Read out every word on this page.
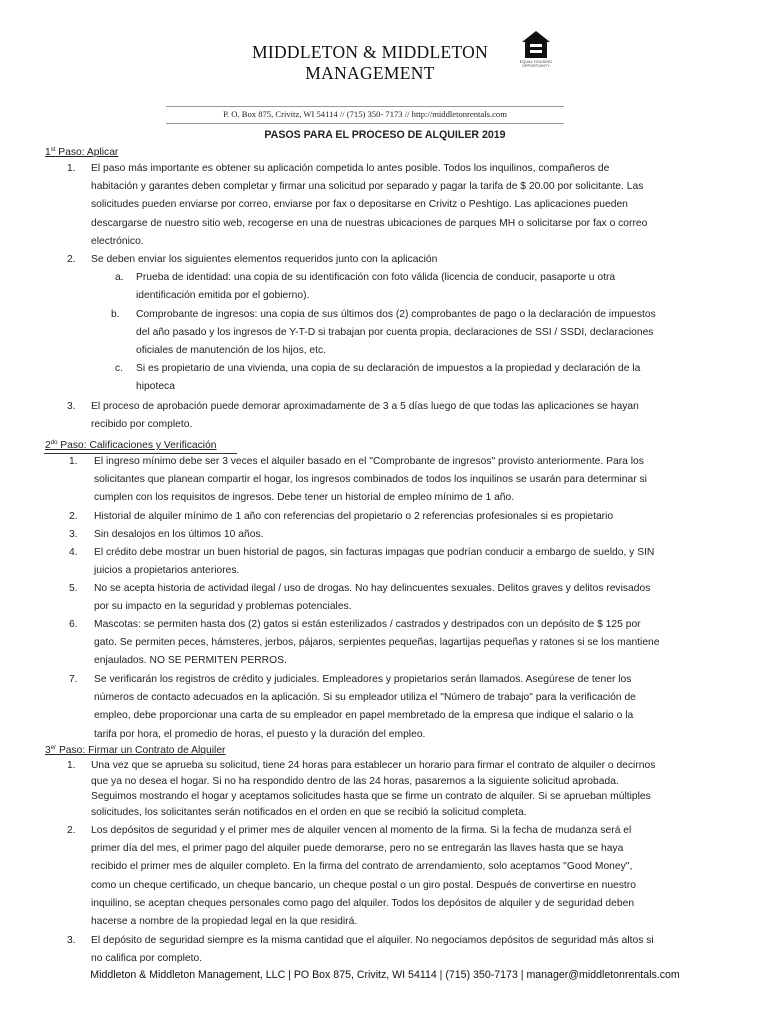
MIDDLETON & MIDDLETON
MANAGEMENT
EQUAL HOUSING
OPPORTUNITY
P. O. Box 875, Crivitz, WI 54114 // (715) 350- 7173 // http://middletonrentals.com
PASOS PARA EL PROCESO DE ALQUILER 2019
1st Paso: Aplicar
1. El paso más importante es obtener su aplicación competida lo antes posible. Todos los inquilinos, compañeros de
habitación y garantes deben completar y firmar una solicitud por separado y pagar la tarifa de $ 20.00 por solicitante. Las
solicitudes pueden enviarse por correo, enviarse por fax o depositarse en Crivitz o Peshtigo. Las aplicaciones pueden
descargarse de nuestro sitio web, recogerse en una de nuestras ubicaciones de parques MH o solicitarse por fax o correo
electrónico.
2. Se deben enviar los siguientes elementos requeridos junto con la aplicación
a. Prueba de identidad: una copia de su identificación con foto válida (licencia de conducir, pasaporte u otra
identificación emitida por el gobierno).
b. Comprobante de ingresos: una copia de sus últimos dos (2) comprobantes de pago o la declaración de impuestos
del año pasado y los ingresos de Y-T-D si trabajan por cuenta propia, declaraciones de SSI / SSDI, declaraciones
oficiales de manutención de los hijos, etc.
c. Si es propietario de una vivienda, una copia de su declaración de impuestos a la propiedad y declaración de la
hipoteca
3. El proceso de aprobación puede demorar aproximadamente de 3 a 5 días luego de que todas las aplicaciones se hayan
recibido por completo.
$2^{do}$ Paso: Calificaciones y Verificación
1. El ingreso mínimo debe ser 3 veces el alquiler basado en el "Comprobante de ingresos" provisto anteriormente. Para los
solicitantes que planean compartir el hogar, los ingresos combinados de todos los inquilinos se usarán para determinar si
cumplen con los requisitos de ingresos. Debe tener un historial de empleo mínimo de 1 año.
2. Historial de alquiler mínimo de 1 año con referencias del propietario o 2 referencias profesionales si es propietario
3. Sin desalojos en los últimos 10 años.
4. El crédito debe mostrar un buen historial de pagos, sin facturas impagas que podrían conducir a embargo de sueldo, y SIN
juicios a propietarios anteriores.
5. No se acepta historia de actividad ilegal / uso de drogas. No hay delincuentes sexuales. Delitos graves y delitos revisados
por su impacto en la seguridad y problemas potenciales.
6. Mascotas: se permiten hasta dos (2) gatos si están esterilizados / castrados y destripados con un depósito de $ 125 por
gato. Se permiten peces, hámsteres, jerbos, pájaros, serpientes pequeñas, lagartijas pequeñas y ratones si se los mantiene
enjaulados. NO SE PERMITEN PERROS.
7. Se verificarán los registros de crédito y judiciales. Empleadores y propietarios serán llamados. Asegúrese de tener los
números de contacto adecuados en la aplicación. Si su empleador utiliza el "Número de trabajo" para la verificación de
empleo, debe proporcionar una carta de su empleador en papel membretado de la empresa que indique el salario o la
tarifa por hora, el promedio de horas, el puesto y la duración del empleo.
3er Paso: Firmar un Contrato de Alquiler
1. Una vez que se aprueba su solicitud, tiene 24 horas para establecer un horario para firmar el contrato de alquiler o decirnos
que ya no desea el hogar. Si no ha respondido dentro de las 24 horas, pasaremos a la siguiente solicitud aprobada.
Seguimos mostrando el hogar y aceptamos solicitudes hasta que se firme un contrato de alquiler. Si se aprueban múltiples
solicitudes, los solicitantes serán notificados en el orden en que se recibió la solicitud completa.
2. Los depósitos de seguridad y el primer mes de alquiler vencen al momento de la firma. Si la fecha de mudanza será el
primer día del mes, el primer pago del alquiler puede demorarse, pero no se entregarán las llaves hasta que se haya
recibido el primer mes de alquiler completo. En la firma del contrato de arrendamiento, solo aceptamos "Good Money",
como un cheque certificado, un cheque bancario, un cheque postal o un giro postal. Después de convertirse en nuestro
inquilino, se aceptan cheques personales como pago del alquiler. Todos los depósitos de alquiler y de seguridad deben
hacerse a nombre de la propiedad legal en la que residirá.
3. El depósito de seguridad siempre es la misma cantidad que el alquiler. No negociamos depósitos de seguridad más altos si
no califica por completo.
Middleton & Middleton Management, LLC | PO Box 875, Crivitz, WI 54114 | (715) 350-7173 | manager@middletonrentals.com
